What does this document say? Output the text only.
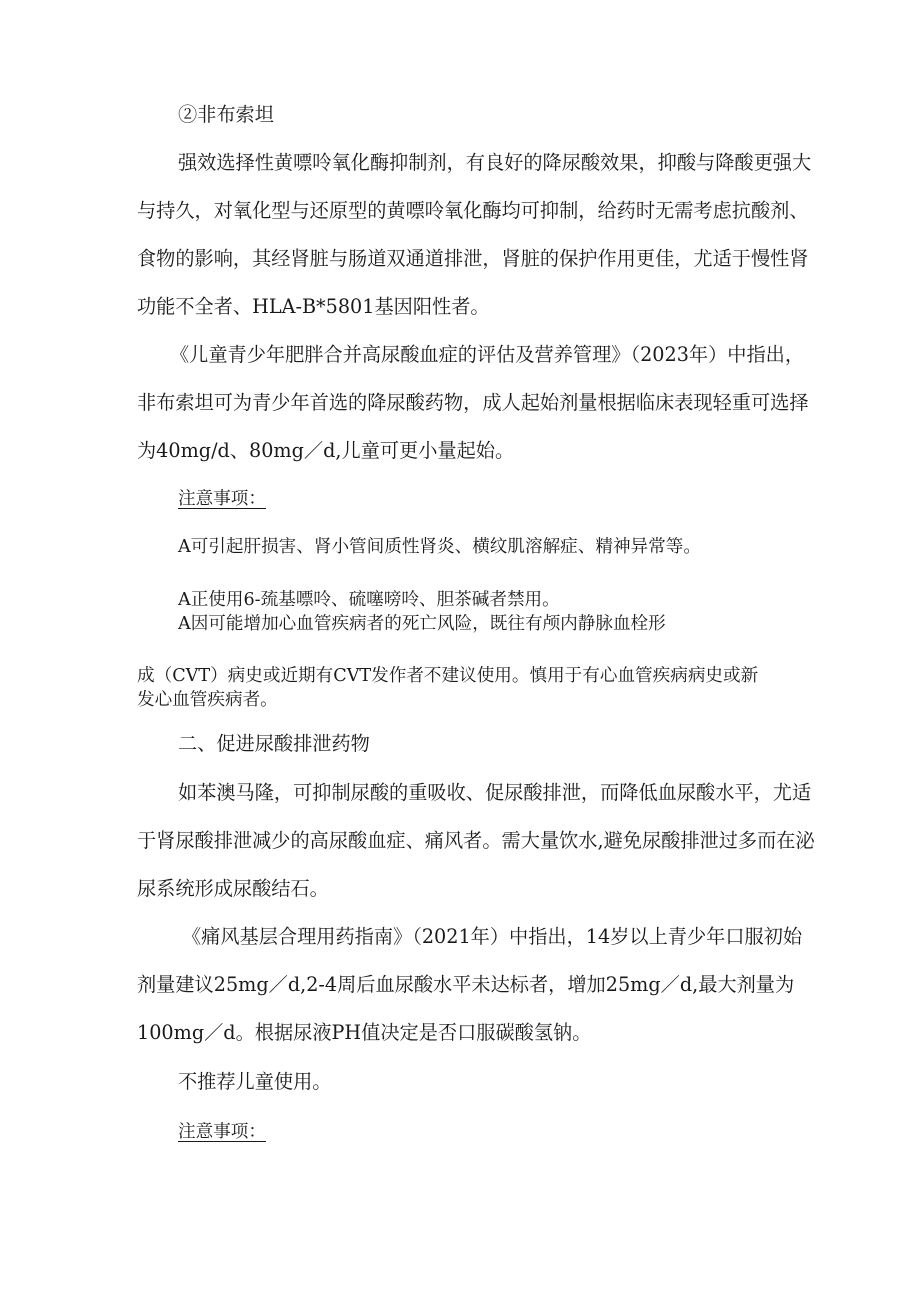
②非布索坦
强效选择性黄嘌呤氧化酶抑制剂，有良好的降尿酸效果，抑酸与降酸更强大
与持久，对氧化型与还原型的黄嘌呤氧化酶均可抑制，给药时无需考虑抗酸剂、
食物的影响，其经肾脏与肠道双通道排泄，肾脏的保护作用更佳，尤适于慢性肾
功能不全者、HLA-B*5801基因阳性者。
《儿童青少年肥胖合并高尿酸血症的评估及营养管理》（2023年）中指出，
非布索坦可为青少年首选的降尿酸药物，成人起始剂量根据临床表现轻重可选择
为40mg/d、80mg／d,儿童可更小量起始。
注意事项：
A可引起肝损害、肾小管间质性肾炎、横纹肌溶解症、精神异常等。
A正使用6-巯基嘌呤、硫噻嗙呤、胆茶碱者禁用。
A因可能增加心血管疾病者的死亡风险，既往有颅内静脉血栓形
成（CVT）病史或近期有CVT发作者不建议使用。慎用于有心血管疾病病史或新
发心血管疾病者。
二、促进尿酸排泄药物
如苯澳马隆，可抑制尿酸的重吸收、促尿酸排泄，而降低血尿酸水平，尤适
于肾尿酸排泄减少的高尿酸血症、痛风者。需大量饮水,避免尿酸排泄过多而在泌
尿系统形成尿酸结石。
《痛风基层合理用药指南》（2021年）中指出，14岁以上青少年口服初始
剂量建议25mg／d,2-4周后血尿酸水平未达标者，增加25mg／d,最大剂量为
100mg／d。根据尿液PH值决定是否口服碳酸氢钠。
不推荐儿童使用。
注意事项：
